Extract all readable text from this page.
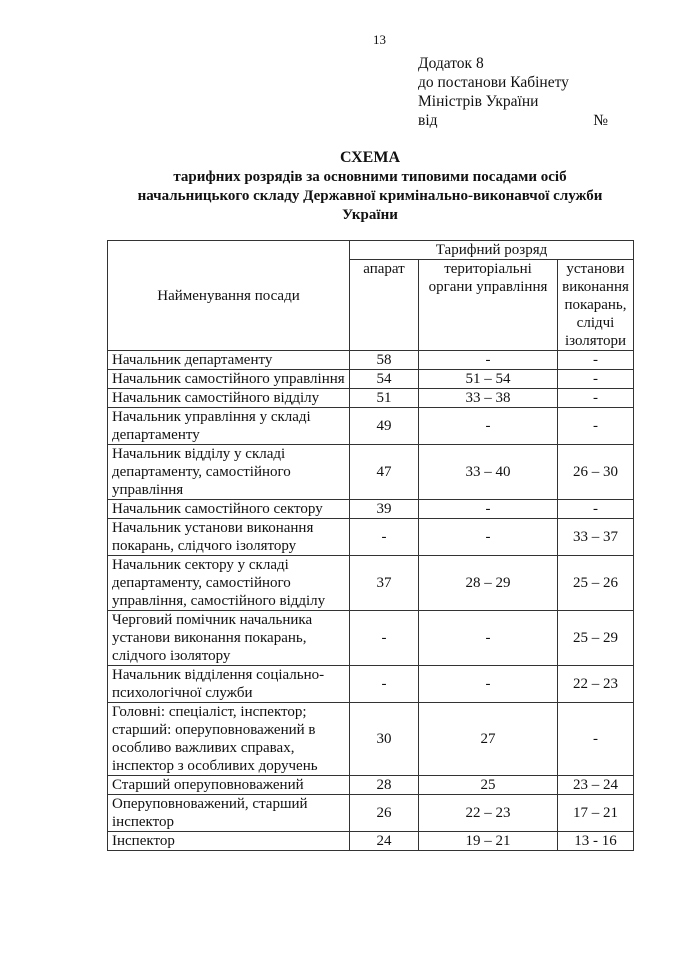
13
Додаток 8
до постанови Кабінету
Міністрів України
від	№
СХЕМА
тарифних розрядів за основними типовими посадами осіб
начальницького складу Державної кримінально-виконавчої служби
України
Найменування посади	Тарифний розряд		
	апарат	територіальні органи управління	установи виконання покарань, слідчі ізолятори
Начальник департаменту	58	-	-
Начальник самостійного управління	54	51 – 54	-
Начальник самостійного відділу	51	33 – 38	-
Начальник управління у складі департаменту	49	-	-
Начальник відділу у складі департаменту, самостійного управління	47	33 – 40	26 – 30
Начальник самостійного сектору	39	-	-
Начальник установи виконання покарань, слідчого ізолятору	-	-	33 – 37
Начальник сектору у складі департаменту, самостійного управління, самостійного відділу	37	28 – 29	25 – 26
Черговий помічник начальника установи виконання покарань, слідчого ізолятору	-	-	25 – 29
Начальник відділення соціально-психологічної служби	-	-	22 – 23
Головні: спеціаліст, інспектор; старший: оперуповноважений в особливо важливих справах, інспектор з особливих доручень	30	27	-
Старший оперуповноважений	28	25	23 – 24
Оперуповноважений, старший інспектор	26	22 – 23	17 – 21
Інспектор	24	19 – 21	13 - 16
